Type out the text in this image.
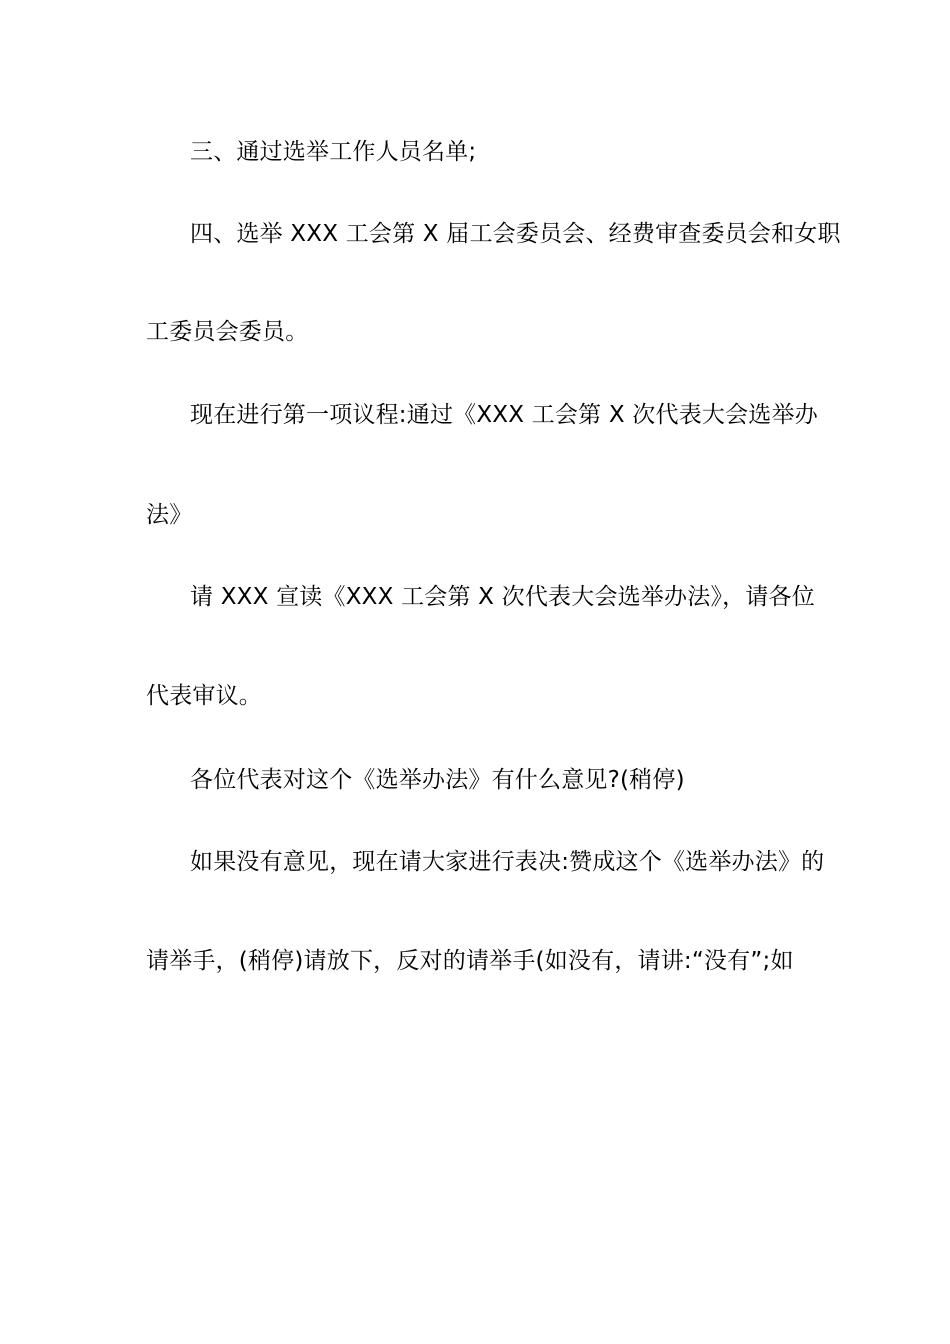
三、通过选举工作人员名单;
四、选举 XXX 工会第 X 届工会委员会、经费审查委员会和女职
工委员会委员。
现在进行第一项议程:通过《XXX 工会第 X 次代表大会选举办
法》
请 XXX 宣读《XXX 工会第 X 次代表大会选举办法》，请各位
代表审议。
各位代表对这个《选举办法》有什么意见?(稍停)
如果没有意见，现在请大家进行表决:赞成这个《选举办法》的
请举手，(稍停)请放下，反对的请举手(如没有，请讲:“没有”;如
